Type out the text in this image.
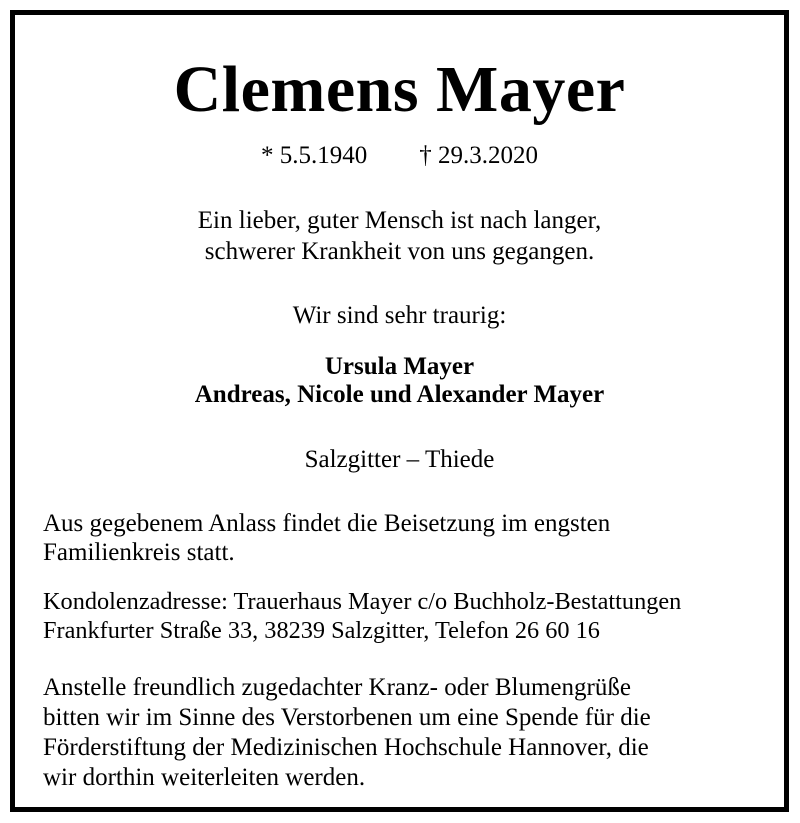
Clemens Mayer
* 5.5.1940 † 29.3.2020
Ein lieber, guter Mensch ist nach langer,
schwerer Krankheit von uns gegangen.
Wir sind sehr traurig:
Ursula Mayer
Andreas, Nicole und Alexander Mayer
Salzgitter – Thiede
Aus gegebenem Anlass findet die Beisetzung im engsten
Familienkreis statt.
Kondolenzadresse: Trauerhaus Mayer c/o Buchholz-Bestattungen
Frankfurter Straße 33, 38239 Salzgitter, Telefon 26 60 16
Anstelle freundlich zugedachter Kranz- oder Blumengrüße
bitten wir im Sinne des Verstorbenen um eine Spende für die
Förderstiftung der Medizinischen Hochschule Hannover, die
wir dorthin weiterleiten werden.
